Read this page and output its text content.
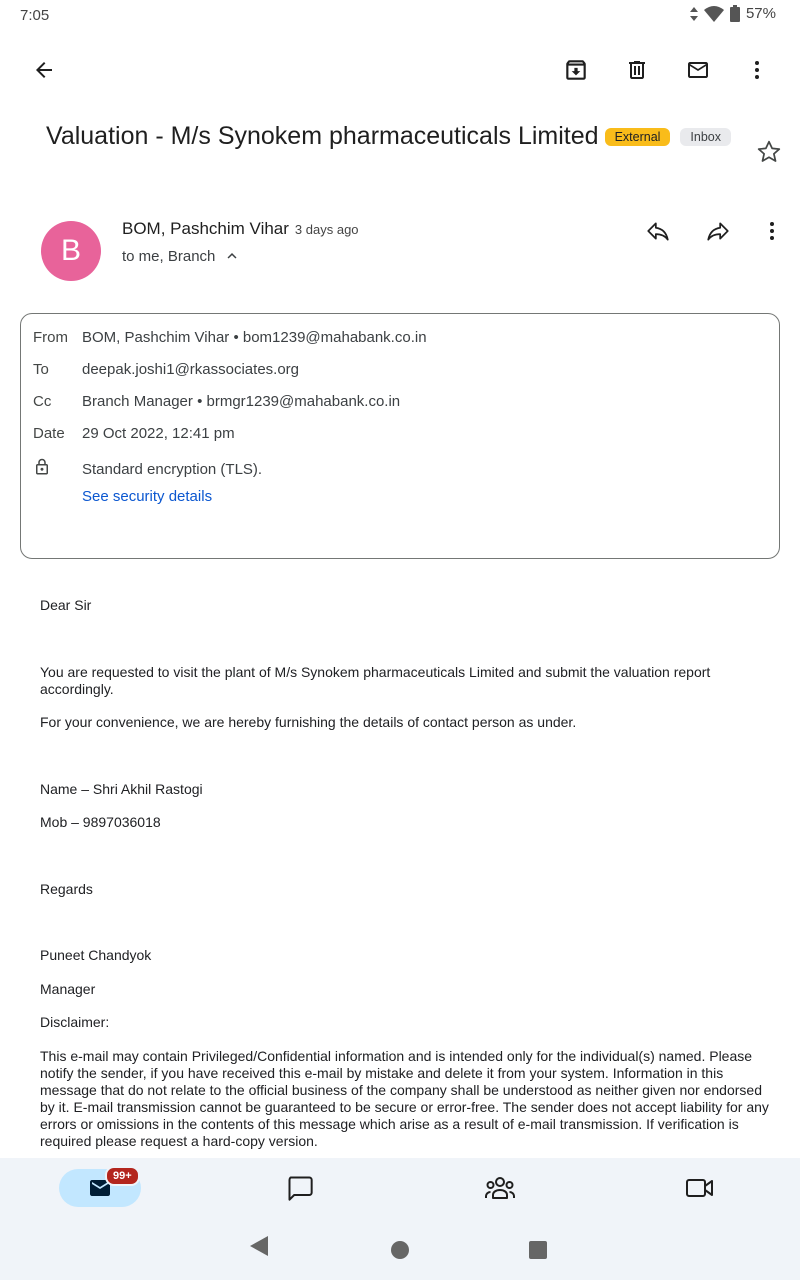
7:05	57%
Valuation - M/s Synokem pharmaceuticals Limited	External	Inbox
B
BOM, Pashchim Vihar 3 days ago
to me, Branch
From BOM, Pashchim Vihar • bom1239@mahabank.co.in
To	deepak.joshi1@rkassociates.org
Cc	Branch Manager • brmgr1239@mahabank.co.in
Date	29 Oct 2022, 12:41 pm
Standard encryption (TLS).
See security details
Dear Sir
You are requested to visit the plant of M/s Synokem pharmaceuticals Limited and submit the valuation report accordingly.
For your convenience, we are hereby furnishing the details of contact person as under.
Name – Shri Akhil Rastogi
Mob – 9897036018
Regards
Puneet Chandyok
Manager
Disclaimer:
This e-mail may contain Privileged/Confidential information and is intended only for the individual(s) named. Please notify the sender, if you have received this e-mail by mistake and delete it from your system. Information in this message that do not relate to the official business of the company shall be understood as neither given nor endorsed by it. E-mail transmission cannot be guaranteed to be secure or error-free. The sender does not accept liability for any errors or omissions in the contents of this message which arise as a result of e-mail transmission. If verification is required please request a hard-copy version.
99+
